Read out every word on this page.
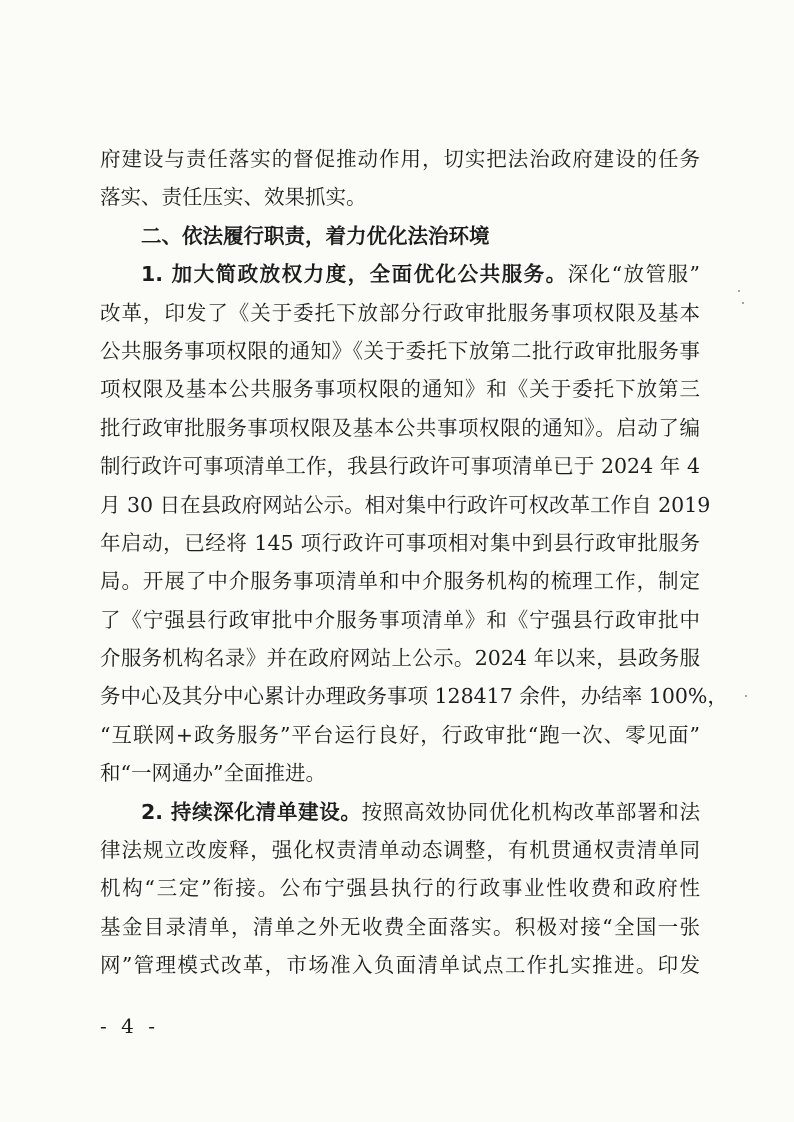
府建设与责任落实的督促推动作用，切实把法治政府建设的任务
落实、责任压实、效果抓实。
二、依法履行职责，着力优化法治环境
1. 加大简政放权力度，全面优化公共服务。深化“放管服”
改革，印发了《关于委托下放部分行政审批服务事项权限及基本
公共服务事项权限的通知》《关于委托下放第二批行政审批服务事
项权限及基本公共服务事项权限的通知》和《关于委托下放第三
批行政审批服务事项权限及基本公共事项权限的通知》。启动了编
制行政许可事项清单工作，我县行政许可事项清单已于 2024 年 4
月 30 日在县政府网站公示。相对集中行政许可权改革工作自 2019
年启动，已经将 145 项行政许可事项相对集中到县行政审批服务
局。开展了中介服务事项清单和中介服务机构的梳理工作，制定
了《宁强县行政审批中介服务事项清单》和《宁强县行政审批中
介服务机构名录》并在政府网站上公示。2024 年以来，县政务服
务中心及其分中心累计办理政务事项 128417 余件，办结率 100%，
“互联网+政务服务”平台运行良好，行政审批“跑一次、零见面”
和“一网通办”全面推进。
2. 持续深化清单建设。按照高效协同优化机构改革部署和法
律法规立改废释，强化权责清单动态调整，有机贯通权责清单同
机构“三定”衔接。公布宁强县执行的行政事业性收费和政府性
基金目录清单，清单之外无收费全面落实。积极对接“全国一张
网”管理模式改革，市场准入负面清单试点工作扎实推进。印发
- 4 -
